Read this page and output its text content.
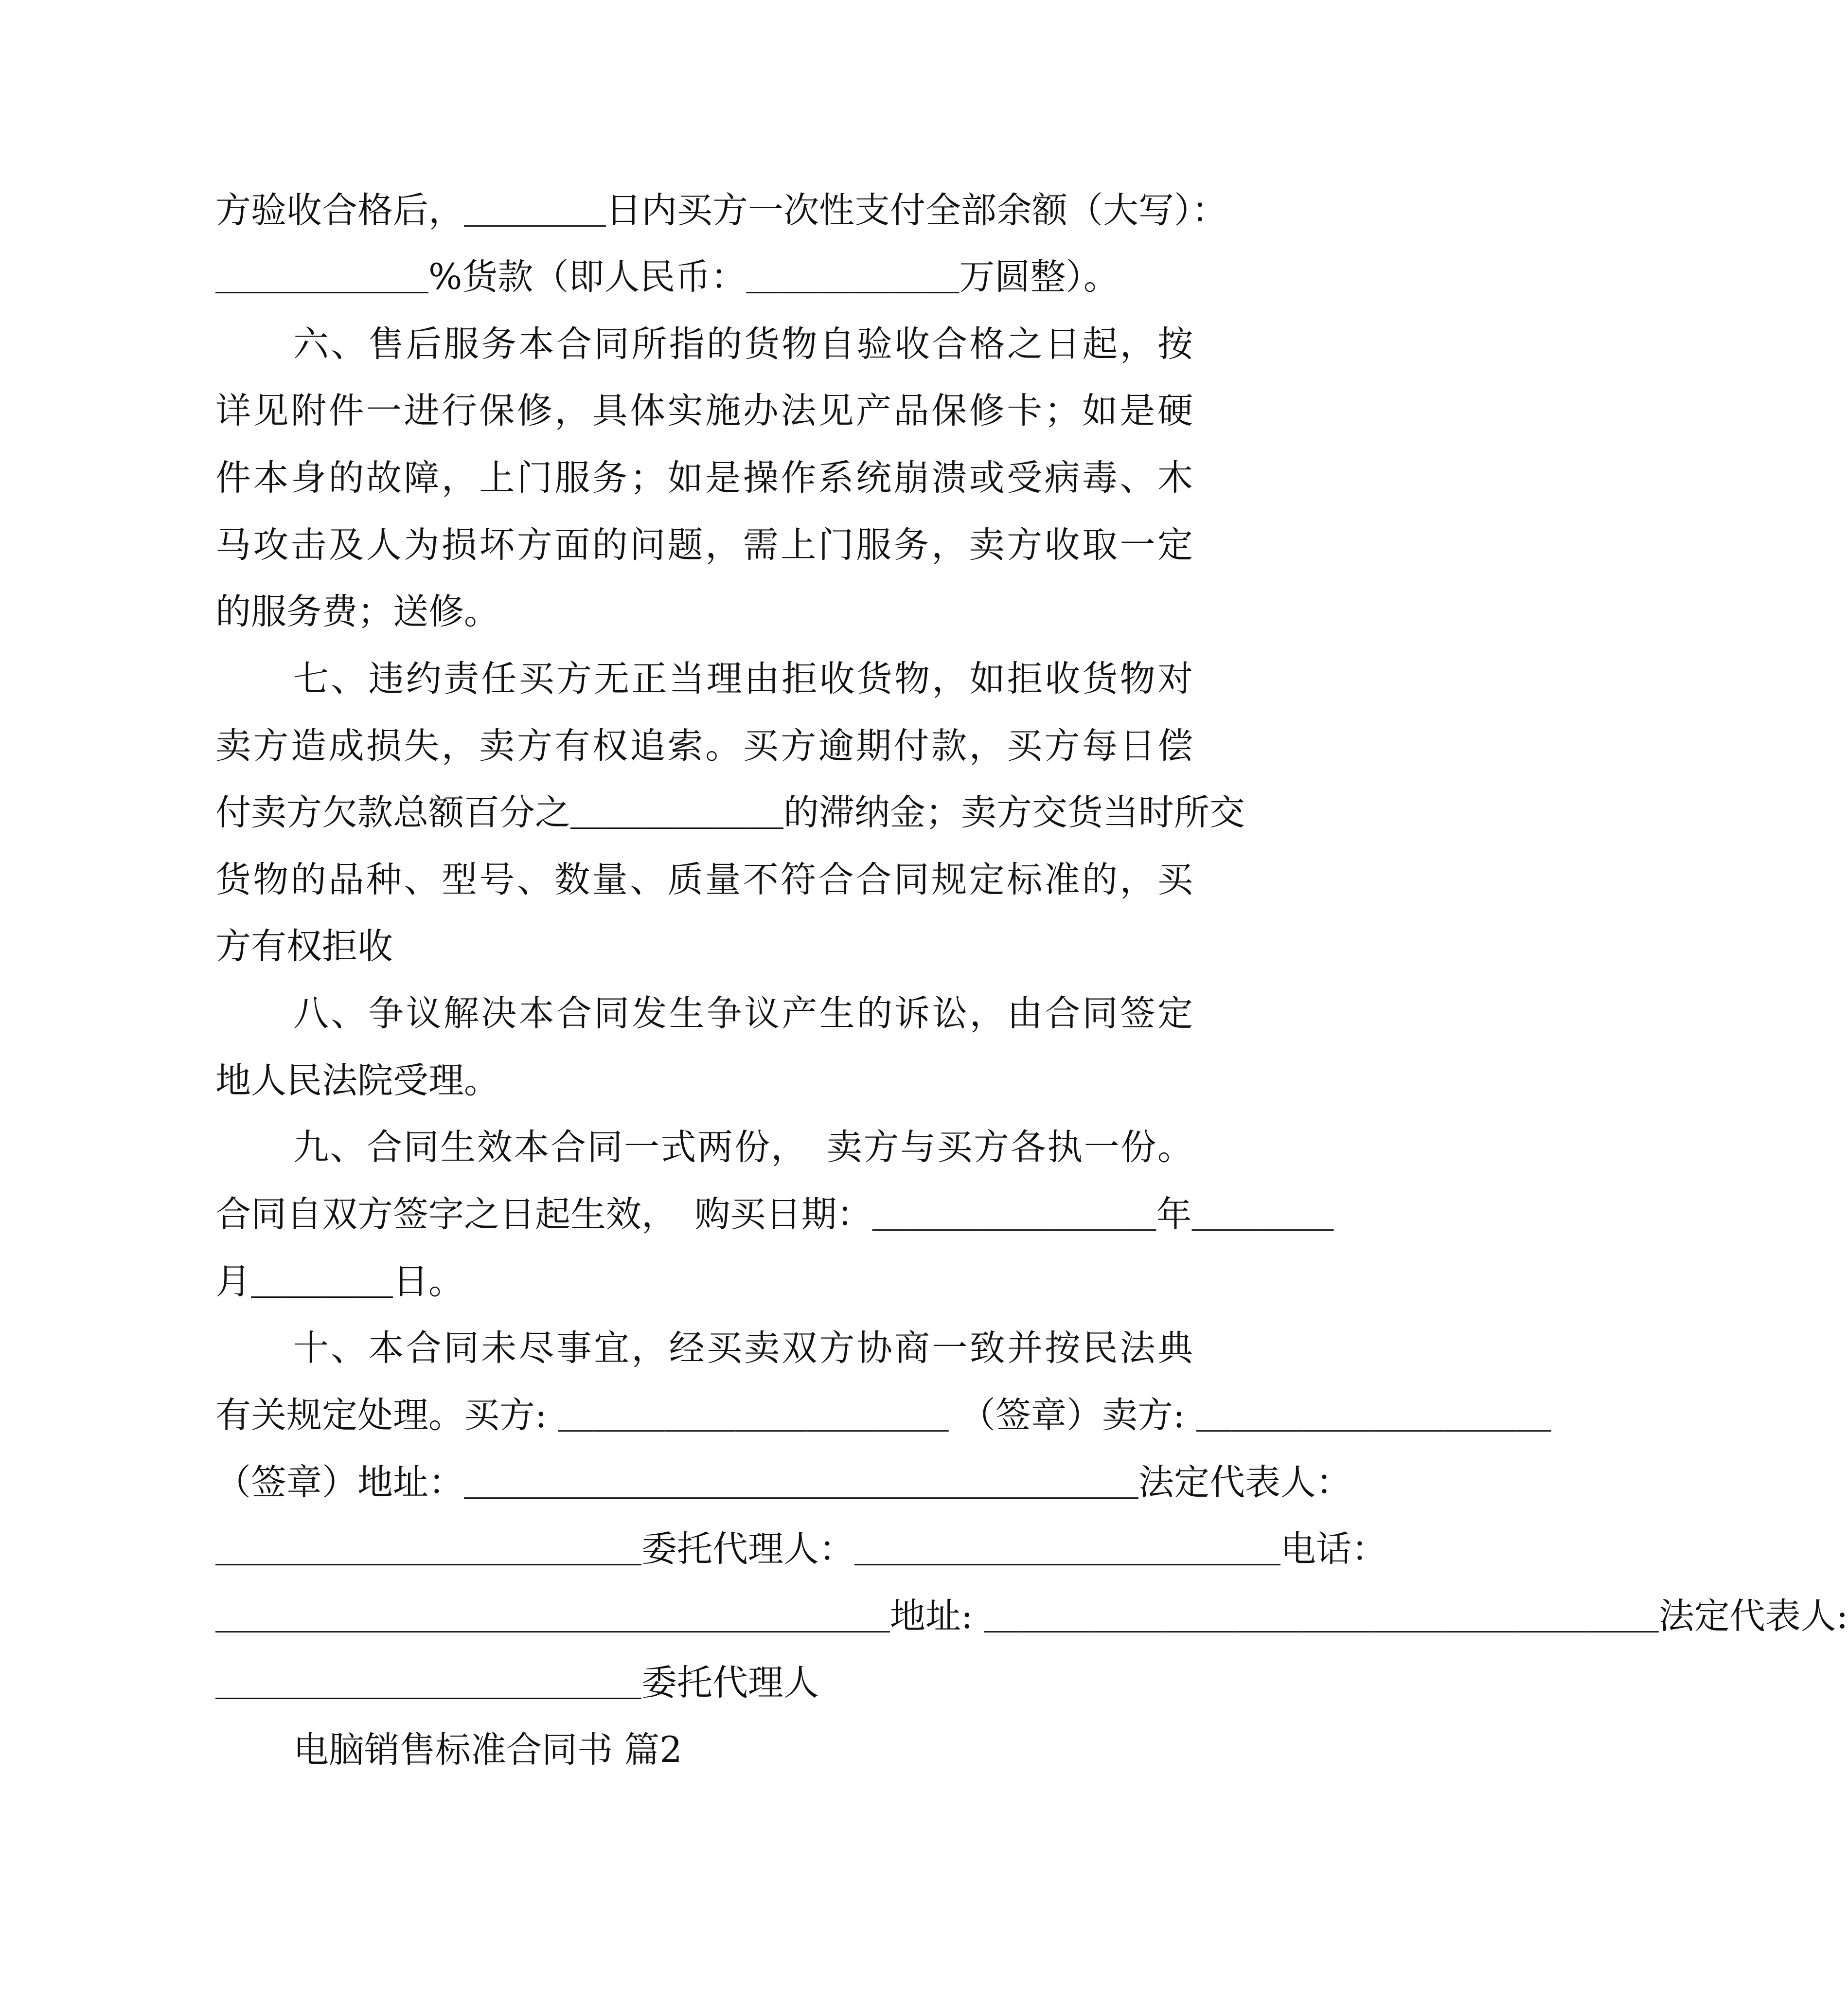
方验收合格后，＿＿＿＿日内买方一次性支付全部余额（大写）：
＿＿＿＿＿＿%货款（即人民币：＿＿＿＿＿＿万圆整）。
六、售后服务本合同所指的货物自验收合格之日起，按
详见附件一进行保修，具体实施办法见产品保修卡；如是硬
件本身的故障，上门服务；如是操作系统崩溃或受病毒、木
马攻击及人为损坏方面的问题，需上门服务，卖方收取一定
的服务费；送修。
七、违约责任买方无正当理由拒收货物，如拒收货物对
卖方造成损失，卖方有权追索。买方逾期付款，买方每日偿
付卖方欠款总额百分之＿＿＿＿＿＿的滞纳金；卖方交货当时所交
货物的品种、型号、数量、质量不符合合同规定标准的，买
方有权拒收
八、争议解决本合同发生争议产生的诉讼，由合同签定
地人民法院受理。
九、合同生效本合同一式两份，　卖方与买方各执一份。
合同自双方签字之日起生效，　购买日期：＿＿＿＿＿＿＿＿年＿＿＿＿
月＿＿＿＿日。
十、本合同未尽事宜，经买卖双方协商一致并按民法典
有关规定处理。买方: ＿＿＿＿＿＿＿＿＿＿＿ （签章）卖方: ＿＿＿＿＿＿＿＿＿＿
（签章）地址：＿＿＿＿＿＿＿＿＿＿＿＿＿＿＿＿＿＿＿法定代表人：
＿＿＿＿＿＿＿＿＿＿＿＿委托代理人：＿＿＿＿＿＿＿＿＿＿＿＿电话：
＿＿＿＿＿＿＿＿＿＿＿＿＿＿＿＿＿＿＿地址: ＿＿＿＿＿＿＿＿＿＿＿＿＿＿＿＿＿＿＿法定代表人:
＿＿＿＿＿＿＿＿＿＿＿＿委托代理人
电脑销售标准合同书 篇2
